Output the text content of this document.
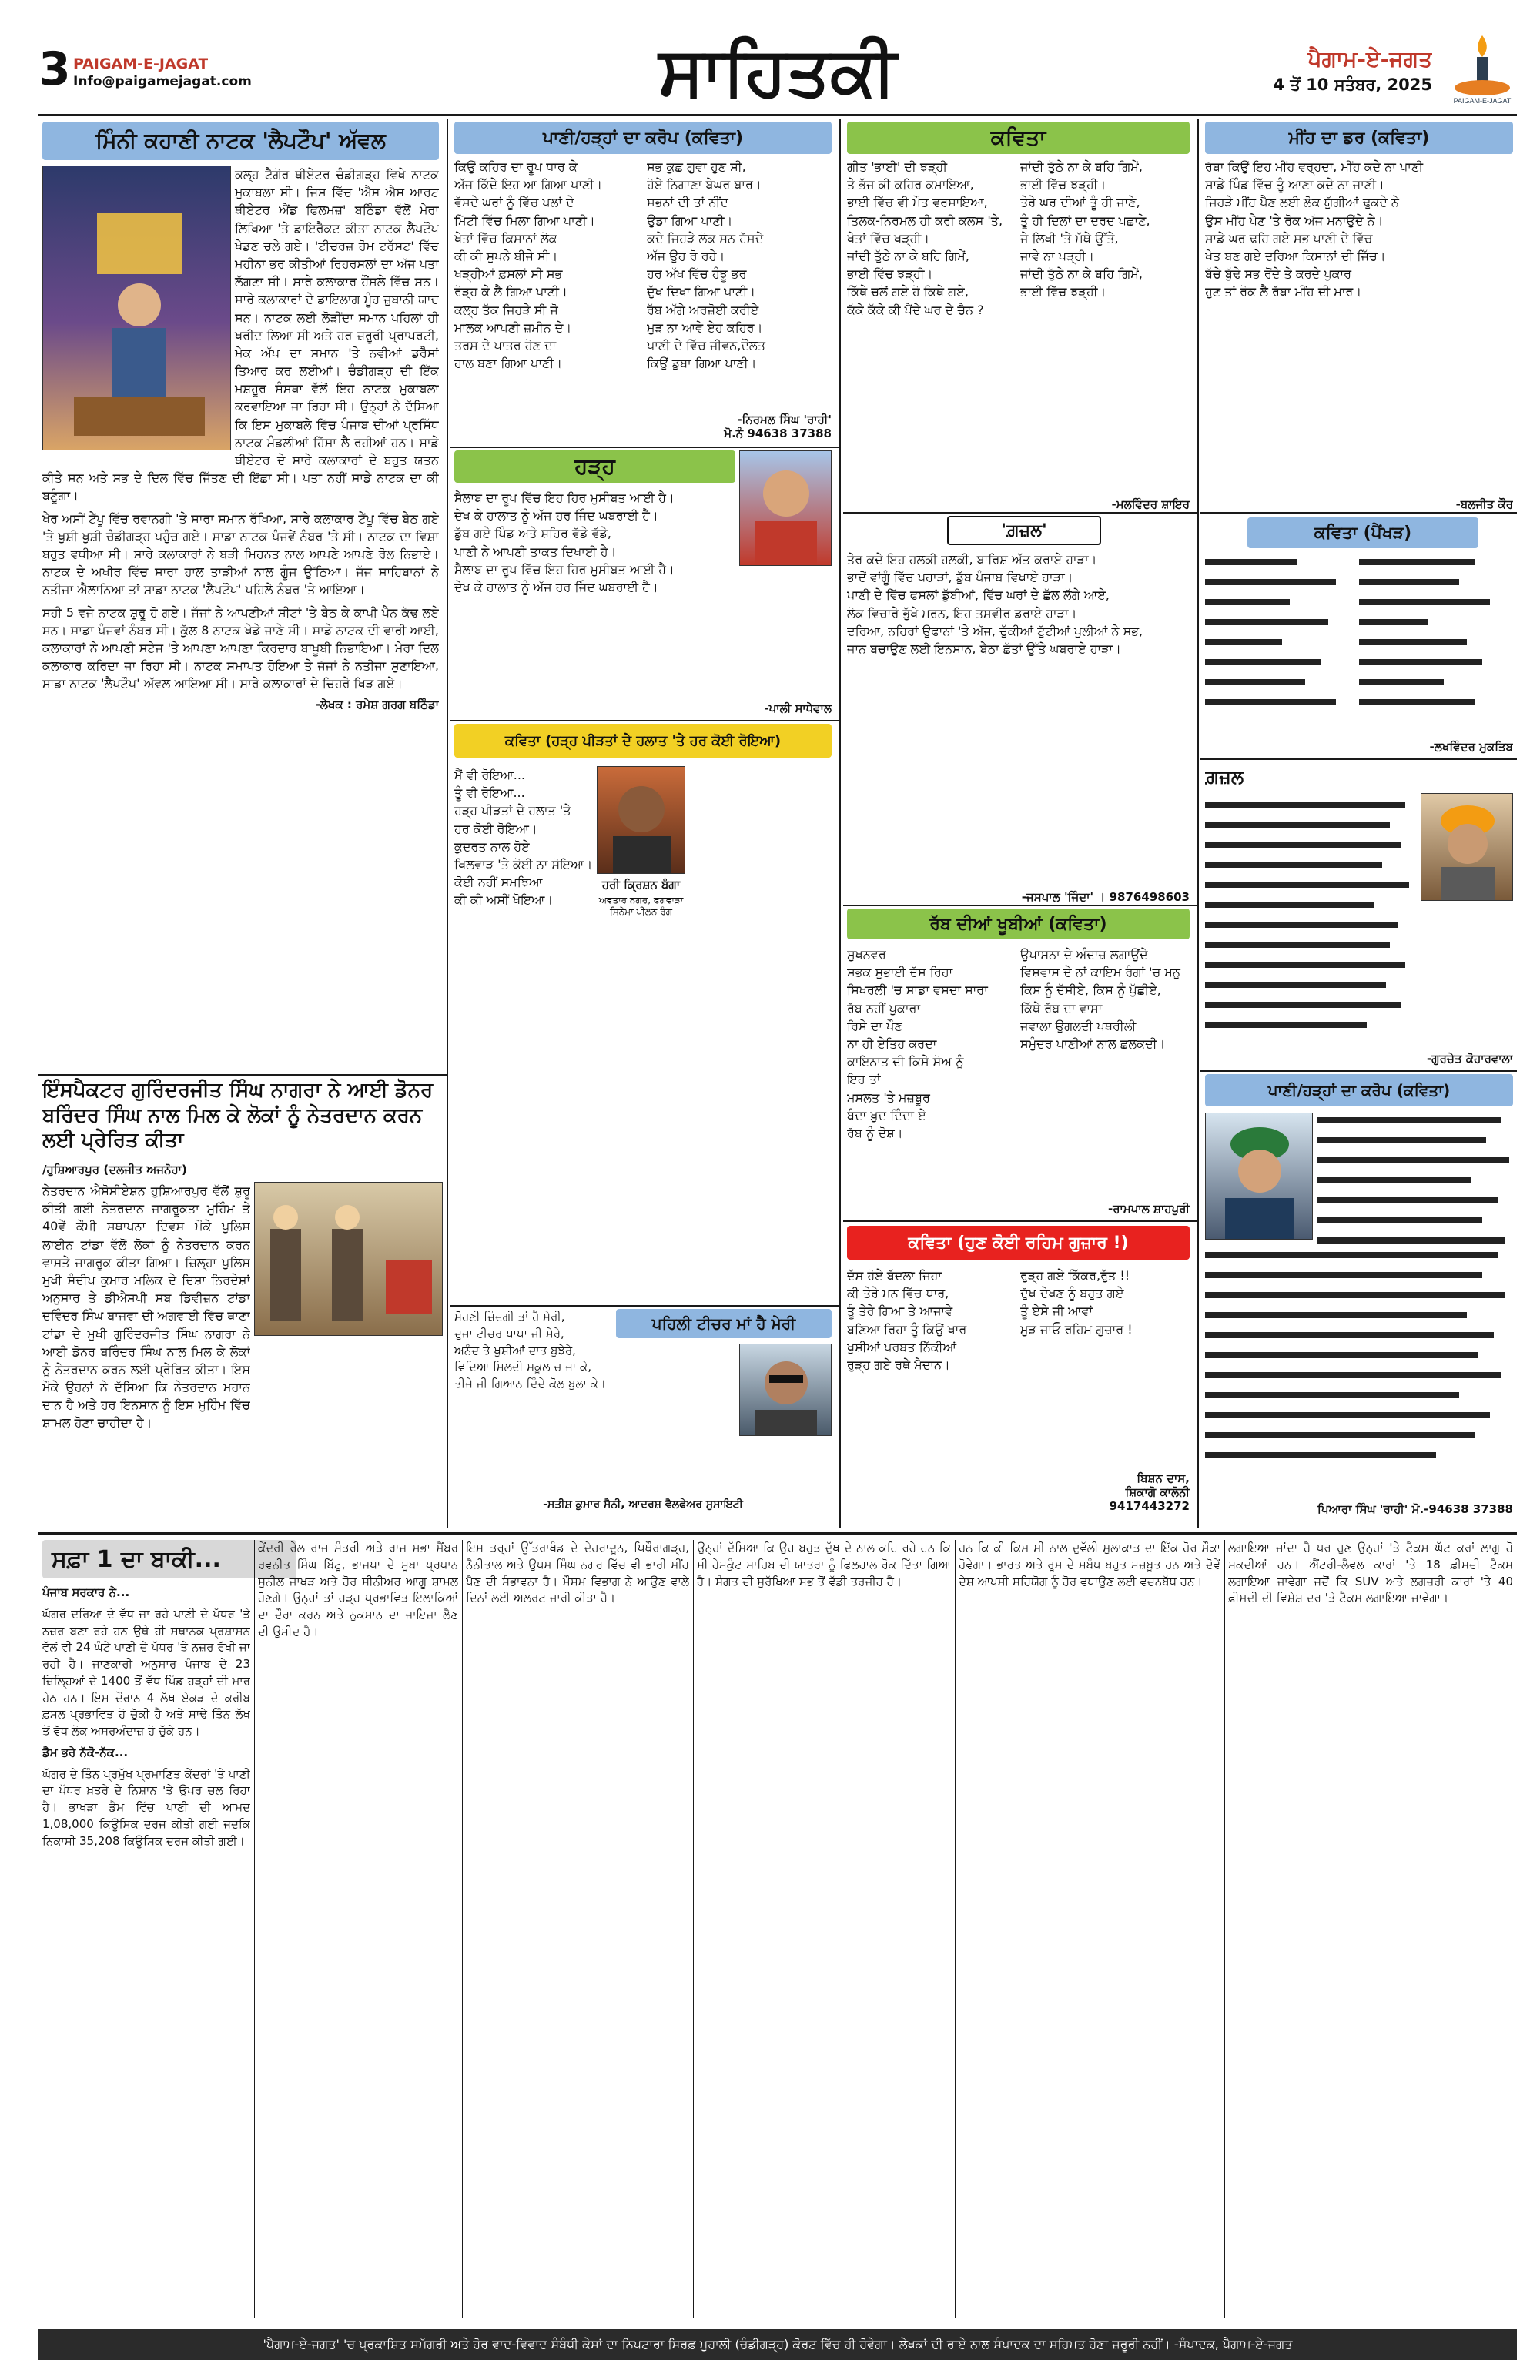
3 PAIGAM-E-JAGAT
Info@paigamejagat.com	ਸਾਹਿਤਕੀ	ਪੈਗਾਮ-ਏ-ਜਗਤ
4 ਤੋਂ 10 ਸਤੰਬਰ, 2025
PAIGAM-E-JAGAT
ਮਿੰਨੀ ਕਹਾਣੀ ਨਾਟਕ 'ਲੈਪਟੌਪ' ਅੱਵਲ

ਕਲ੍ਹ ਟੈਗੋਰ ਥੀਏਟਰ ਚੰਡੀਗੜ੍ਹ ਵਿਖੇ ਨਾਟਕ ਮੁਕਾਬਲਾ ਸੀ। ਜਿਸ ਵਿੱਚ 'ਐਸ ਐਸ ਆਰਟ ਥੀਏਟਰ ਐਂਡ ਫਿਲਮਜ਼' ਬਠਿੰਡਾ ਵੱਲੋਂ ਮੇਰਾ ਲਿਖਿਆ 'ਤੇ ਡਾਇਰੈਕਟ ਕੀਤਾ ਨਾਟਕ ਲੈਪਟੌਪ ਖੇਡਣ ਚਲੇ ਗਏ। 'ਟੀਚਰਜ਼ ਹੋਮ ਟਰੱਸਟ' ਵਿੱਚ ਮਹੀਨਾ ਭਰ ਕੀਤੀਆਂ ਰਿਹਰਸਲਾਂ ਦਾ ਅੱਜ ਪਤਾ ਲੱਗਣਾ ਸੀ। ਸਾਰੇ ਕਲਾਕਾਰ ਹੌਂਸਲੇ ਵਿੱਚ ਸਨ। ਸਾਰੇ ਕਲਾਕਾਰਾਂ ਦੇ ਡਾਇਲਾਗ ਮੂੰਹ ਜ਼ੁਬਾਨੀ ਯਾਦ ਸਨ। ਨਾਟਕ ਲਈ ਲੋੜੀਂਦਾ ਸਮਾਨ ਪਹਿਲਾਂ ਹੀ ਖਰੀਦ ਲਿਆ ਸੀ ਅਤੇ ਹਰ ਜ਼ਰੂਰੀ ਪ੍ਰਾਪਰਟੀ, ਮੇਕ ਅੱਪ ਦਾ ਸਮਾਨ 'ਤੇ ਨਵੀਆਂ ਡਰੈੱਸਾਂ ਤਿਆਰ ਕਰ ਲਈਆਂ। ਚੰਡੀਗੜ੍ਹ ਦੀ ਇੱਕ ਮਸ਼ਹੂਰ ਸੰਸਥਾ ਵੱਲੋਂ ਇਹ ਨਾਟਕ ਮੁਕਾਬਲਾ ਕਰਵਾਇਆ ਜਾ ਰਿਹਾ ਸੀ। ਉਨ੍ਹਾਂ ਨੇ ਦੱਸਿਆ ਕਿ ਇਸ ਮੁਕਾਬਲੇ ਵਿੱਚ ਪੰਜਾਬ ਦੀਆਂ ਪ੍ਰਸਿੱਧ ਨਾਟਕ ਮੰਡਲੀਆਂ ਹਿੱਸਾ ਲੈ ਰਹੀਆਂ ਹਨ। ਸਾਡੇ ਥੀਏਟਰ ਦੇ ਸਾਰੇ ਕਲਾਕਾਰਾਂ ਦੇ ਬਹੁਤ ਯਤਨ ਕੀਤੇ ਸਨ ਅਤੇ ਸਭ ਦੇ ਦਿਲ ਵਿੱਚ ਜਿੱਤਣ ਦੀ ਇੱਛਾ ਸੀ। ਪਤਾ ਨਹੀਂ ਸਾਡੇ ਨਾਟਕ ਦਾ ਕੀ ਬਣੂੰਗਾ।

ਖੈਰ ਅਸੀਂ ਟੈਂਪੂ ਵਿੱਚ ਰਵਾਨਗੀ 'ਤੇ ਸਾਰਾ ਸਮਾਨ ਰੱਖਿਆ, ਸਾਰੇ ਕਲਾਕਾਰ ਟੈਂਪੂ ਵਿੱਚ ਬੈਠ ਗਏ 'ਤੇ ਖੁਸ਼ੀ ਖੁਸ਼ੀ ਚੰਡੀਗੜ੍ਹ ਪਹੁੰਚ ਗਏ। ਸਾਡਾ ਨਾਟਕ ਪੰਜਵੇਂ ਨੰਬਰ 'ਤੇ ਸੀ। ਨਾਟਕ ਦਾ ਵਿਸ਼ਾ ਬਹੁਤ ਵਧੀਆ ਸੀ। ਸਾਰੇ ਕਲਾਕਾਰਾਂ ਨੇ ਬੜੀ ਮਿਹਨਤ ਨਾਲ ਆਪਣੇ ਆਪਣੇ ਰੋਲ ਨਿਭਾਏ। ਨਾਟਕ ਦੇ ਅਖੀਰ ਵਿੱਚ ਸਾਰਾ ਹਾਲ ਤਾੜੀਆਂ ਨਾਲ ਗੂੰਜ ਉੱਠਿਆ। ਜੱਜ ਸਾਹਿਬਾਨਾਂ ਨੇ ਨਤੀਜਾ ਐਲਾਨਿਆ ਤਾਂ ਸਾਡਾ ਨਾਟਕ 'ਲੈਪਟੌਪ' ਪਹਿਲੇ ਨੰਬਰ 'ਤੇ ਆਇਆ।

ਸਹੀ 5 ਵਜੇ ਨਾਟਕ ਸ਼ੁਰੂ ਹੋ ਗਏ। ਜੱਜਾਂ ਨੇ ਆਪਣੀਆਂ ਸੀਟਾਂ 'ਤੇ ਬੈਠ ਕੇ ਕਾਪੀ ਪੈੱਨ ਕੱਢ ਲਏ ਸਨ। ਸਾਡਾ ਪੰਜਵਾਂ ਨੰਬਰ ਸੀ। ਕੁੱਲ 8 ਨਾਟਕ ਖੇਡੇ ਜਾਣੇ ਸੀ। ਸਾਡੇ ਨਾਟਕ ਦੀ ਵਾਰੀ ਆਈ, ਕਲਾਕਾਰਾਂ ਨੇ ਆਪਣੀ ਸਟੇਜ 'ਤੇ ਆਪਣਾ ਆਪਣਾ ਕਿਰਦਾਰ ਬਾਖੂਬੀ ਨਿਭਾਇਆ। ਮੇਰਾ ਦਿਲ ਕਲਾਕਾਰ ਕਰਿਦਾ ਜਾ ਰਿਹਾ ਸੀ। ਨਾਟਕ ਸਮਾਪਤ ਹੋਇਆ ਤੇ ਜੱਜਾਂ ਨੇ ਨਤੀਜਾ ਸੁਣਾਇਆ, ਸਾਡਾ ਨਾਟਕ 'ਲੈਪਟੌਪ' ਅੱਵਲ ਆਇਆ ਸੀ। ਸਾਰੇ ਕਲਾਕਾਰਾਂ ਦੇ ਚਿਹਰੇ ਖਿੜ ਗਏ।

-ਲੇਖਕ : ਰਮੇਸ਼ ਗਰਗ ਬਠਿੰਡਾ
ਇੰਸਪੈਕਟਰ ਗੁਰਿੰਦਰਜੀਤ ਸਿੰਘ ਨਾਗਰਾ ਨੇ ਆਈ ਡੋਨਰ ਬਰਿੰਦਰ ਸਿੰਘ ਨਾਲ ਮਿਲ ਕੇ ਲੋਕਾਂ ਨੂੰ ਨੇਤਰਦਾਨ ਕਰਨ ਲਈ ਪ੍ਰੇਰਿਤ ਕੀਤਾ
/ਹੁਸ਼ਿਆਰਪੁਰ (ਦਲਜੀਤ ਅਜਨੋਹਾ)
ਨੇਤਰਦਾਨ ਐਸੋਸੀਏਸ਼ਨ ਹੁਸ਼ਿਆਰਪੁਰ ਵੱਲੋਂ ਸ਼ੁਰੂ ਕੀਤੀ ਗਈ ਨੇਤਰਦਾਨ ਜਾਗਰੂਕਤਾ ਮੁਹਿੰਮ ਤੇ 40ਵੇਂ ਕੌਮੀ ਸਥਾਪਨਾ ਦਿਵਸ ਮੌਕੇ ਪੁਲਿਸ ਲਾਈਨ ਟਾਂਡਾ ਵੱਲੋਂ ਲੋਕਾਂ ਨੂੰ ਨੇਤਰਦਾਨ ਕਰਨ ਵਾਸਤੇ ਜਾਗਰੂਕ ਕੀਤਾ ਗਿਆ। ਜ਼ਿਲ੍ਹਾ ਪੁਲਿਸ ਮੁਖੀ ਸੰਦੀਪ ਕੁਮਾਰ ਮਲਿਕ ਦੇ ਦਿਸ਼ਾ ਨਿਰਦੇਸ਼ਾਂ ਅਨੁਸਾਰ ਤੇ ਡੀਐਸਪੀ ਸਬ ਡਿਵੀਜ਼ਨ ਟਾਂਡਾ ਦਵਿੰਦਰ ਸਿੰਘ ਬਾਜਵਾ ਦੀ ਅਗਵਾਈ ਵਿੱਚ ਥਾਣਾ ਟਾਂਡਾ ਦੇ ਮੁਖੀ ਗੁਰਿੰਦਰਜੀਤ ਸਿੰਘ ਨਾਗਰਾ ਨੇ ਆਈ ਡੋਨਰ ਬਰਿੰਦਰ ਸਿੰਘ ਨਾਲ ਮਿਲ ਕੇ ਲੋਕਾਂ ਨੂੰ ਨੇਤਰਦਾਨ ਕਰਨ ਲਈ ਪ੍ਰੇਰਿਤ ਕੀਤਾ। ਇਸ ਮੌਕੇ ਉਹਨਾਂ ਨੇ ਦੱਸਿਆ ਕਿ ਨੇਤਰਦਾਨ ਮਹਾਨ ਦਾਨ ਹੈ ਅਤੇ ਹਰ ਇਨਸਾਨ ਨੂੰ ਇਸ ਮੁਹਿੰਮ ਵਿੱਚ ਸ਼ਾਮਲ ਹੋਣਾ ਚਾਹੀਦਾ ਹੈ।
ਪਾਣੀ/ਹੜ੍ਹਾਂ ਦਾ ਕਰੋਪ (ਕਵਿਤਾ)
ਕਿਉਂ ਕਹਿਰ ਦਾ ਰੂਪ ਧਾਰ ਕੇ
ਅੱਜ ਕਿੱਦੇ ਇਹ ਆ ਗਿਆ ਪਾਣੀ।
ਵੱਸਦੇ ਘਰਾਂ ਨੂੰ ਵਿੱਚ ਪਲਾਂ ਦੇ
ਮਿੱਟੀ ਵਿੱਚ ਮਿਲਾ ਗਿਆ ਪਾਣੀ।
ਖੇਤਾਂ ਵਿੱਚ ਕਿਸਾਨਾਂ ਲੋਕ
ਕੀ ਕੀ ਸੁਪਨੇ ਬੀਜੇ ਸੀ।
ਖੜ੍ਹੀਆਂ ਫ਼ਸਲਾਂ ਸੀ ਸਭ
ਰੋੜ੍ਹ ਕੇ ਲੈ ਗਿਆ ਪਾਣੀ।
ਕਲ੍ਹ ਤੱਕ ਜਿਹੜੇ ਸੀ ਜੋ
ਮਾਲਕ ਆਪਣੀ ਜ਼ਮੀਨ ਦੇ।
ਤਰਸ ਦੇ ਪਾਤਰ ਹੋਣ ਦਾ
ਹਾਲ ਬਣਾ ਗਿਆ ਪਾਣੀ।
ਸਭ ਕੁਛ ਗੁਵਾ ਹੁਣ ਸੀ,
ਹੋਏ ਨਿਗਾਣਾ ਬੇਘਰ ਬਾਰ।
ਸਭਨਾਂ ਦੀ ਤਾਂ ਨੀਂਦ
ਉਡਾ ਗਿਆ ਪਾਣੀ।
ਕਦੇ ਜਿਹੜੇ ਲੋਕ ਸਨ ਹੱਸਦੇ
ਅੱਜ ਉਹ ਰੋ ਰਹੇ।
ਹਰ ਅੱਖ ਵਿੱਚ ਹੰਝੂ ਭਰ
ਦੁੱਖ ਦਿਖਾ ਗਿਆ ਪਾਣੀ।
ਰੱਬ ਅੱਗੇ ਅਰਜ਼ੋਈ ਕਰੀਏ
ਮੁੜ ਨਾ ਆਵੇ ਏਹ ਕਹਿਰ।
ਪਾਣੀ ਦੇ ਵਿੱਚ ਜੀਵਨ,ਦੌਲਤ
ਕਿਉਂ ਡੁਬਾ ਗਿਆ ਪਾਣੀ।
-ਨਿਰਮਲ ਸਿੰਘ 'ਰਾਹੀ'
ਮੋ.ਨੰ 94638 37388
ਹੜ੍ਹ
ਸੈਲਾਬ ਦਾ ਰੂਪ ਵਿੱਚ ਇਹ ਹਿਰ ਮੁਸੀਬਤ ਆਈ ਹੈ।
ਦੇਖ ਕੇ ਹਾਲਾਤ ਨੂੰ ਅੱਜ ਹਰ ਜਿੰਦ ਘਬਰਾਈ ਹੈ।
ਡੁੱਬ ਗਏ ਪਿੰਡ ਅਤੇ ਸ਼ਹਿਰ ਵੱਡੇ ਵੱਡੇ,
ਪਾਣੀ ਨੇ ਆਪਣੀ ਤਾਕਤ ਦਿਖਾਈ ਹੈ।
ਸੈਲਾਬ ਦਾ ਰੂਪ ਵਿੱਚ ਇਹ ਹਿਰ ਮੁਸੀਬਤ ਆਈ ਹੈ।
ਦੇਖ ਕੇ ਹਾਲਾਤ ਨੂੰ ਅੱਜ ਹਰ ਜਿੰਦ ਘਬਰਾਈ ਹੈ।
-ਪਾਲੀ ਸਾਧੇਵਾਲ
ਕਵਿਤਾ (ਹੜ੍ਹ ਪੀੜਤਾਂ ਦੇ ਹਲਾਤ 'ਤੇ ਹਰ ਕੋਈ ਰੋਇਆ)
ਹਰੀ ਕ੍ਰਿਸ਼ਨ ਬੰਗਾ
ਅਵਤਾਰ ਨਗਰ, ਫਗਵਾੜਾ
ਸਿਨੇਮਾ ਪੀਲਨ ਰੰਗ
ਮੈਂ ਵੀ ਰੋਇਆ...
ਤੂੰ ਵੀ ਰੋਇਆ...
ਹੜ੍ਹ ਪੀੜਤਾਂ ਦੇ ਹਲਾਤ 'ਤੇ
ਹਰ ਕੋਈ ਰੋਇਆ।
ਕੁਦਰਤ ਨਾਲ ਹੋਏ
ਖਿਲਵਾੜ 'ਤੇ ਕੋਈ ਨਾ ਸੋਇਆ।
ਕੋਈ ਨਹੀਂ ਸਮਝਿਆ
ਕੀ ਕੀ ਅਸੀਂ ਖੋਇਆ।
ਪਹਿਲੀ ਟੀਚਰ ਮਾਂ ਹੈ ਮੇਰੀ
ਸੋਹਣੀ ਜ਼ਿੰਦਗੀ ਤਾਂ ਹੈ ਮੇਰੀ,
ਦੁਜਾ ਟੀਚਰ ਪਾਪਾ ਜੀ ਮੇਰੇ,
ਅਨੰਦ ਤੇ ਖੁਸ਼ੀਆਂ ਦਾਤ ਬੁਝੇਰੇ,
ਵਿਦਿਆ ਮਿਲਦੀ ਸਕੂਲ ਚ ਜਾ ਕੇ,
ਤੀਜੇ ਜੀ ਗਿਆਨ ਦਿੰਦੇ ਕੋਲ ਬੁਲਾ ਕੇ।
-ਸਤੀਸ਼ ਕੁਮਾਰ ਸੈਨੀ, ਆਦਰਸ਼ ਵੈਲਫੇਅਰ ਸੁਸਾਇਟੀ
ਕਵਿਤਾ
ਗੀਤ 'ਭਾਈ' ਦੀ ਝੜ੍ਹੀ
ਤੇ ਭੱਜ ਕੀ ਕਹਿਰ ਕਮਾਇਆ,
ਭਾਈ ਵਿੱਚ ਵੀ ਮੌਤ ਵਰਸਾਇਆ,
ਤਿਲਕ-ਨਿਰਮਲ ਹੀ ਕਰੀ ਕਲਸ 'ਤੇ,
ਖੇਤਾਂ ਵਿੱਚ ਖੜ੍ਹੀ।
ਜਾਂਦੀ ਤੁੱਠੇ ਨਾ ਕੇ ਬਹਿ ਗਿਮੇਂ,
ਭਾਈ ਵਿੱਚ ਝੜ੍ਹੀ।
ਕਿੱਥੇ ਚਲੋਂ ਗਏ ਹੋ ਕਿਥੇ ਗਏ,
ਕੱਕੇ ਕੱਕੇ ਕੀ ਪੈਂਦੇ ਘਰ ਦੇ ਚੈਨ ?
ਜਾਂਦੀ ਤੁੱਠੇ ਨਾ ਕੇ ਬਹਿ ਗਿਮੇਂ,
ਭਾਈ ਵਿੱਚ ਝੜ੍ਹੀ।
ਤੇਰੇ ਘਰ ਦੀਆਂ ਤੂੰ ਹੀ ਜਾਣੇ,
ਤੂੰ ਹੀ ਦਿਲਾਂ ਦਾ ਦਰਦ ਪਛਾਣੇ,
ਜੇ ਲਿਖੀ 'ਤੇ ਮੱਥੇ ਉੱਤੇ,
ਜਾਵੇ ਨਾ ਪੜ੍ਹੀ।
ਜਾਂਦੀ ਤੁੱਠੇ ਨਾ ਕੇ ਬਹਿ ਗਿਮੇਂ,
ਭਾਈ ਵਿੱਚ ਝੜ੍ਹੀ।
-ਮਲਵਿੰਦਰ ਸ਼ਾਇਰ
'ਗ਼ਜ਼ਲ'
ਤੇਰ ਕਦੇ ਇਹ ਹਲਕੀ ਹਲਕੀ, ਬਾਰਿਸ਼ ਅੱਤ ਕਰਾਏ ਹਾੜਾ।
ਭਾਦੋਂ ਵਾਂਗੂੰ ਵਿੱਚ ਪਹਾੜਾਂ, ਡੁੱਬ ਪੰਜਾਬ ਵਿਖਾਏ ਹਾੜਾ।
ਪਾਣੀ ਦੇ ਵਿੱਚ ਫਸਲਾਂ ਡੁੱਬੀਆਂ, ਵਿੱਚ ਘਰਾਂ ਦੇ ਛੱਲ ਲੱਗੇ ਆਏ,
ਲੋਕ ਵਿਚਾਰੇ ਭੁੱਖੇ ਮਰਨ, ਇਹ ਤਸਵੀਰ ਡਰਾਏ ਹਾੜਾ।
ਦਰਿਆ, ਨਹਿਰਾਂ ਉਫਾਨਾਂ 'ਤੇ ਅੱਜ, ਚੁੱਕੀਆਂ ਟੁੱਟੀਆਂ ਪੁਲੀਆਂ ਨੇ ਸਭ,
ਜਾਨ ਬਚਾਉਣ ਲਈ ਇਨਸਾਨ, ਬੈਠਾ ਛੱਤਾਂ ਉੱਤੇ ਘਬਰਾਏ ਹਾੜਾ।
-ਜਸਪਾਲ 'ਜਿੰਦਾ' । 9876498603
ਰੱਬ ਦੀਆਂ ਖੂਬੀਆਂ (ਕਵਿਤਾ)
ਸੁਖਨਵਰ
ਸਭਕ ਸ਼ੁਭਾਈ ਦੱਸ ਰਿਹਾ
ਸਿਖਰਲੀ 'ਚ ਸਾਡਾ ਵਸਦਾ ਸਾਰਾ
ਰੱਬ ਨਹੀਂ ਪੁਕਾਰਾ
ਰਿਸੇ ਦਾ ਪੌਣ
ਨਾ ਹੀ ਏਤਿਹ ਕਰਦਾ
ਕਾਇਨਾਤ ਦੀ ਕਿਸੇ ਸੋਅ ਨੂੰ
ਇਹ ਤਾਂ
ਮਸਲਤ 'ਤੇ ਮਜ਼ਬੂਰ
ਬੰਦਾ ਖ਼ੁਦ ਦਿੰਦਾ ਏ
ਰੱਬ ਨੂੰ ਦੋਸ਼।
ਉਪਾਸਨਾ ਦੇ ਅੰਦਾਜ਼ ਲਗਾਉਂਦੇ
ਵਿਸ਼ਵਾਸ ਦੇ ਨਾਂ ਕਾਇਮ ਰੰਗਾਂ 'ਚ ਮਨੁ
ਕਿਸ ਨੂੰ ਦੱਸੀਏ, ਕਿਸ ਨੂੰ ਪੁੱਛੀਏ,
ਕਿੱਥੇ ਰੱਬ ਦਾ ਵਾਸਾ
ਜਵਾਲਾ ਉਗਲਦੀ ਪਥਰੀਲੀ
ਸਮੁੰਦਰ ਪਾਣੀਆਂ ਨਾਲ ਛਲਕਦੀ।
-ਰਾਮਪਾਲ ਸ਼ਾਹਪੁਰੀ
ਕਵਿਤਾ (ਹੁਣ ਕੋਈ ਰਹਿਮ ਗੁਜ਼ਾਰ !)
ਦੱਸ ਹੋਏ ਬੱਦਲਾ ਜਿਹਾ
ਕੀ ਤੇਰੇ ਮਨ ਵਿੱਚ ਧਾਰ,
ਤੂੰ ਤੇਰੇ ਗਿਆ ਤੇ ਆਜਾਵੇ
ਬਣਿਆ ਰਿਹਾ ਤੂੰ ਕਿਉਂ ਖਾਰ
ਖੁਸ਼ੀਆਂ ਪਰਬਤ ਨਿੱਕੀਆਂ
ਰੁੜ੍ਹ ਗਏ ਰਥੇ ਮੈਦਾਨ।
ਰੁੜ੍ਹ ਗਏ ਕਿੱਕਰ,ਰੁੱਤ !!
ਦੁੱਖ ਦੇਖਣ ਨੂੰ ਬਹੁਤ ਗਏ
ਤੂੰ ਏਸੇ ਜੀ ਆਵਾਂ
ਮੁੜ ਜਾਓ ਰਹਿਮ ਗੁਜ਼ਾਰ !
ਬਿਸ਼ਨ ਦਾਸ,
ਸ਼ਿਕਾਗੋ ਕਾਲੋਨੀ
9417443272
ਮੀਂਹ ਦਾ ਡਰ (ਕਵਿਤਾ)
ਰੱਬਾ ਕਿਉਂ ਇਹ ਮੀਂਹ ਵਰ੍ਹਦਾ, ਮੀਂਹ ਕਦੇ ਨਾ ਪਾਣੀ
ਸਾਡੇ ਪਿੰਡ ਵਿੱਚ ਤੂੰ ਆਣਾ ਕਦੇ ਨਾ ਜਾਣੀ।
ਜਿਹੜੇ ਮੀਂਹ ਪੈਣ ਲਈ ਲੋਕ ਯੁੱਗੀਆਂ ਢੁਕਦੇ ਨੇ
ਉਸ ਮੀਂਹ ਪੈਣ 'ਤੇ ਰੋਕ ਅੱਜ ਮਨਾਉਂਦੇ ਨੇ।
ਸਾਡੇ ਘਰ ਢਹਿ ਗਏ ਸਭ ਪਾਣੀ ਦੇ ਵਿੱਚ
ਖੇਤ ਬਣ ਗਏ ਦਰਿਆ ਕਿਸਾਨਾਂ ਦੀ ਜਿੱਚ।
ਬੱਚੇ ਬੁੱਢੇ ਸਭ ਰੋਂਦੇ ਤੇ ਕਰਦੇ ਪੁਕਾਰ
ਹੁਣ ਤਾਂ ਰੋਕ ਲੈ ਰੱਬਾ ਮੀਂਹ ਦੀ ਮਾਰ।
-ਬਲਜੀਤ ਕੌਰ
ਕਵਿਤਾ (ਪੈਂਖੜ)
-ਲਖਵਿੰਦਰ ਮੁਕਤਿਬ
ਗ਼ਜ਼ਲ
-ਗੁਰਚੇਤ ਕੋਹਾਰਵਾਲਾ
ਪਾਣੀ/ਹੜ੍ਹਾਂ ਦਾ ਕਰੋਪ (ਕਵਿਤਾ)
ਪਿਆਰਾ ਸਿੰਘ 'ਰਾਹੀ' ਮੋ.-94638 37388
ਸਫ਼ਾ 1 ਦਾ ਬਾਕੀ...

ਪੰਜਾਬ ਸਰਕਾਰ ਨੇ...

ਘੱਗਰ ਦਰਿਆ ਦੇ ਵੱਧ ਜਾ ਰਹੇ ਪਾਣੀ ਦੇ ਪੱਧਰ 'ਤੇ ਨਜ਼ਰ ਬਣਾ ਰਹੇ ਹਨ ਉਥੇ ਹੀ ਸਥਾਨਕ ਪ੍ਰਸ਼ਾਸਨ ਵੱਲੋਂ ਵੀ 24 ਘੰਟੇ ਪਾਣੀ ਦੇ ਪੱਧਰ 'ਤੇ ਨਜ਼ਰ ਰੱਖੀ ਜਾ ਰਹੀ ਹੈ। ਜਾਣਕਾਰੀ ਅਨੁਸਾਰ ਪੰਜਾਬ ਦੇ 23 ਜ਼ਿਲ੍ਹਿਆਂ ਦੇ 1400 ਤੋਂ ਵੱਧ ਪਿੰਡ ਹੜ੍ਹਾਂ ਦੀ ਮਾਰ ਹੇਠ ਹਨ। ਇਸ ਦੌਰਾਨ 4 ਲੱਖ ਏਕੜ ਦੇ ਕਰੀਬ ਫ਼ਸਲ ਪ੍ਰਭਾਵਿਤ ਹੋ ਚੁੱਕੀ ਹੈ ਅਤੇ ਸਾਢੇ ਤਿੰਨ ਲੱਖ ਤੋਂ ਵੱਧ ਲੋਕ ਅਸਰਅੰਦਾਜ਼ ਹੋ ਚੁੱਕੇ ਹਨ।

ਡੈਮ ਭਰੇ ਨੱਕੋ-ਨੱਕ...

ਘੱਗਰ ਦੇ ਤਿੰਨ ਪ੍ਰਮੁੱਖ ਪ੍ਰਮਾਣਿਤ ਕੇਂਦਰਾਂ 'ਤੇ ਪਾਣੀ ਦਾ ਪੱਧਰ ਖ਼ਤਰੇ ਦੇ ਨਿਸ਼ਾਨ 'ਤੇ ਉਪਰ ਚਲ ਰਿਹਾ ਹੈ। ਭਾਖੜਾ ਡੈਮ ਵਿੱਚ ਪਾਣੀ ਦੀ ਆਮਦ 1,08,000 ਕਿਊਸਿਕ ਦਰਜ ਕੀਤੀ ਗਈ ਜਦਕਿ ਨਿਕਾਸੀ 35,208 ਕਿਊਸਿਕ ਦਰਜ ਕੀਤੀ ਗਈ।

ਕੇਂਦਰੀ ਰੇਲ ਰਾਜ ਮੰਤਰੀ ਅਤੇ ਰਾਜ ਸਭਾ ਮੈਂਬਰ ਰਵਨੀਤ ਸਿੰਘ ਬਿੱਟੂ, ਭਾਜਪਾ ਦੇ ਸੂਬਾ ਪ੍ਰਧਾਨ ਸੁਨੀਲ ਜਾਖੜ ਅਤੇ ਹੋਰ ਸੀਨੀਅਰ ਆਗੂ ਸ਼ਾਮਲ ਹੋਣਗੇ। ਉਨ੍ਹਾਂ ਤਾਂ ਹੜ੍ਹ ਪ੍ਰਭਾਵਿਤ ਇਲਾਕਿਆਂ ਦਾ ਦੌਰਾ ਕਰਨ ਅਤੇ ਨੁਕਸਾਨ ਦਾ ਜਾਇਜ਼ਾ ਲੈਣ ਦੀ ਉਮੀਦ ਹੈ।
ਇਸ ਤਰ੍ਹਾਂ ਉੱਤਰਾਖੰਡ ਦੇ ਦੇਹਰਾਦੂਨ, ਪਿਥੌਰਾਗੜ੍ਹ, ਨੈਨੀਤਾਲ ਅਤੇ ਉਧਮ ਸਿੰਘ ਨਗਰ ਵਿੱਚ ਵੀ ਭਾਰੀ ਮੀਂਹ ਪੈਣ ਦੀ ਸੰਭਾਵਨਾ ਹੈ। ਮੌਸਮ ਵਿਭਾਗ ਨੇ ਆਉਣ ਵਾਲੇ ਦਿਨਾਂ ਲਈ ਅਲਰਟ ਜਾਰੀ ਕੀਤਾ ਹੈ।
ਉਨ੍ਹਾਂ ਦੱਸਿਆ ਕਿ ਉਹ ਬਹੁਤ ਦੁੱਖ ਦੇ ਨਾਲ ਕਹਿ ਰਹੇ ਹਨ ਕਿ ਸੀ ਹੇਮਕੁੰਟ ਸਾਹਿਬ ਦੀ ਯਾਤਰਾ ਨੂੰ ਫਿਲਹਾਲ ਰੋਕ ਦਿੱਤਾ ਗਿਆ ਹੈ। ਸੰਗਤ ਦੀ ਸੁਰੱਖਿਆ ਸਭ ਤੋਂ ਵੱਡੀ ਤਰਜੀਹ ਹੈ।
ਹਨ ਕਿ ਕੀ ਕਿਸ ਸੀ ਨਾਲ ਦੁਵੱਲੀ ਮੁਲਾਕਾਤ ਦਾ ਇੱਕ ਹੋਰ ਮੌਕਾ ਹੋਵੇਗਾ। ਭਾਰਤ ਅਤੇ ਰੂਸ ਦੇ ਸਬੰਧ ਬਹੁਤ ਮਜ਼ਬੂਤ ਹਨ ਅਤੇ ਦੋਵੇਂ ਦੇਸ਼ ਆਪਸੀ ਸਹਿਯੋਗ ਨੂੰ ਹੋਰ ਵਧਾਉਣ ਲਈ ਵਚਨਬੱਧ ਹਨ।
ਲਗਾਇਆ ਜਾਂਦਾ ਹੈ ਪਰ ਹੁਣ ਉਨ੍ਹਾਂ 'ਤੇ ਟੈਕਸ ਘੱਟ ਕਰਾਂ ਲਾਗੂ ਹੋ ਸਕਦੀਆਂ ਹਨ। ਐਂਟਰੀ-ਲੈਵਲ ਕਾਰਾਂ 'ਤੇ 18 ਫ਼ੀਸਦੀ ਟੈਕਸ ਲਗਾਇਆ ਜਾਵੇਗਾ ਜਦੋਂ ਕਿ SUV ਅਤੇ ਲਗਜ਼ਰੀ ਕਾਰਾਂ 'ਤੇ 40 ਫ਼ੀਸਦੀ ਦੀ ਵਿਸ਼ੇਸ਼ ਦਰ 'ਤੇ ਟੈਕਸ ਲਗਾਇਆ ਜਾਵੇਗਾ।
'ਪੈਗਾਮ-ਏ-ਜਗਤ' 'ਚ ਪ੍ਰਕਾਸ਼ਿਤ ਸਮੱਗਰੀ ਅਤੇ ਹੋਰ ਵਾਦ-ਵਿਵਾਦ ਸੰਬੰਧੀ ਕੇਸਾਂ ਦਾ ਨਿਪਟਾਰਾ ਸਿਰਫ਼ ਮੁਹਾਲੀ (ਚੰਡੀਗੜ੍ਹ) ਕੋਰਟ ਵਿੱਚ ਹੀ ਹੋਵੇਗਾ। ਲੇਖਕਾਂ ਦੀ ਰਾਏ ਨਾਲ ਸੰਪਾਦਕ ਦਾ ਸਹਿਮਤ ਹੋਣਾ ਜ਼ਰੂਰੀ ਨਹੀਂ। -ਸੰਪਾਦਕ, ਪੈਗਾਮ-ਏ-ਜਗਤ
